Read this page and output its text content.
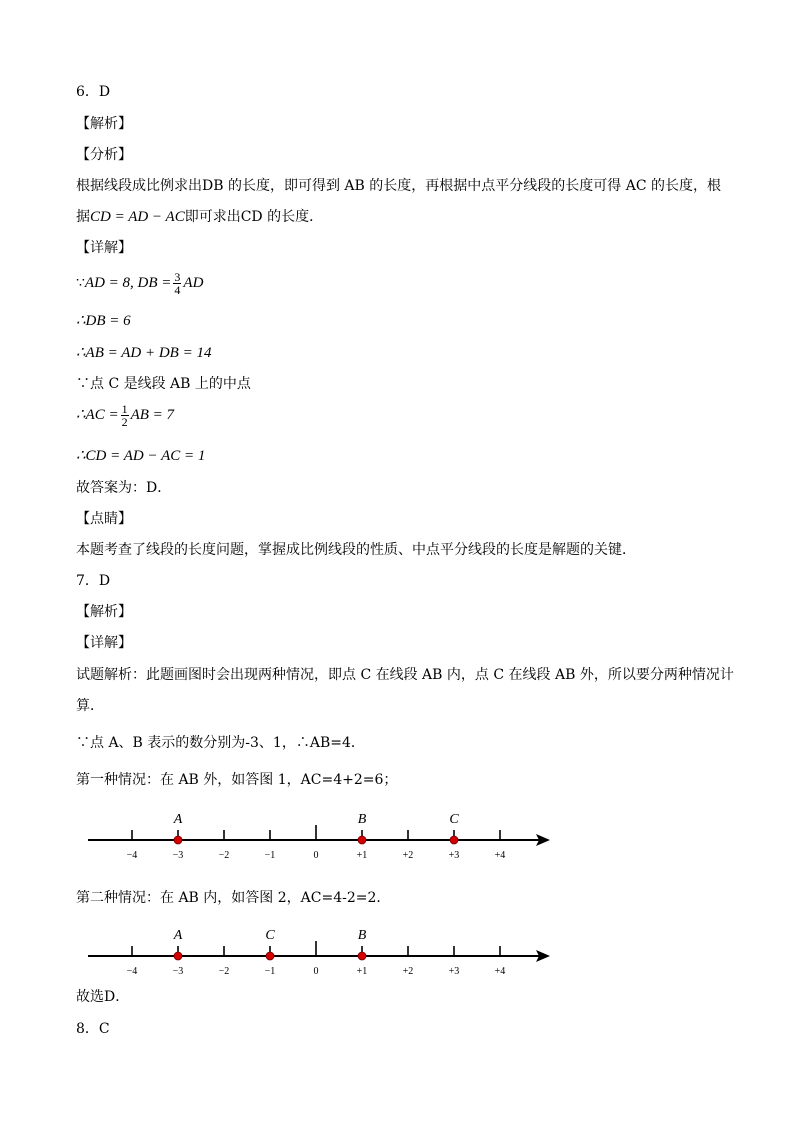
6．D
【解析】
【分析】
根据线段成比例求出DB 的长度，即可得到 AB 的长度，再根据中点平分线段的长度可得 AC 的长度，根
据CD = AD − AC即可求出CD 的长度．
【详解】
∵AD = 8, DB = $\frac{3}{4}$ AD
∴DB = 6
∴AB = AD + DB = 14
∵点 C 是线段 AB 上的中点
∴AC = $\frac{1}{2}$ AB = 7
∴CD = AD − AC = 1
故答案为：D．
【点睛】
本题考查了线段的长度问题，掌握成比例线段的性质、中点平分线段的长度是解题的关键．
7．D
【解析】
【详解】
试题解析：此题画图时会出现两种情况，即点 C 在线段 AB 内，点 C 在线段 AB 外，所以要分两种情况计
算．
∵点 A、B 表示的数分别为-3、1，∴AB=4．
第一种情况：在 AB 外，如答图 1，AC=4+2=6；
−4	−3	−2	−1	0	+1	+2	+3	+4
A	B	C
第二种情况：在 AB 内，如答图 2，AC=4-2=2．
−4	−3	−2	−1	0	+1	+2	+3	+4
A	C	B
故选D．
8．C
